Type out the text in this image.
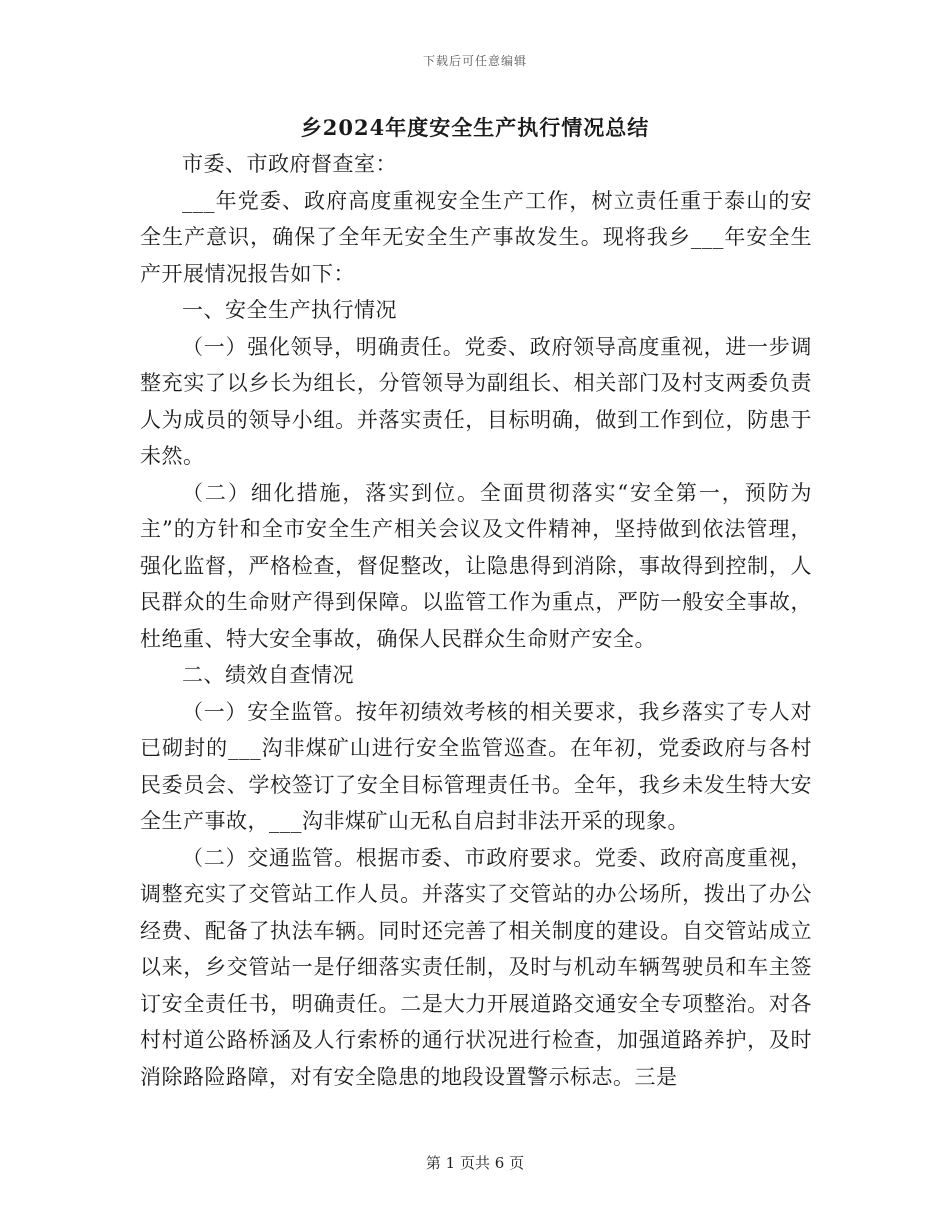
下载后可任意编辑
乡2024年度安全生产执行情况总结

市委、市政府督查室：

___年党委、政府高度重视安全生产工作，树立责任重于泰山的安全生产意识，确保了全年无安全生产事故发生。现将我乡___年安全生产开展情况报告如下：

一、安全生产执行情况

（一）强化领导，明确责任。党委、政府领导高度重视，进一步调整充实了以乡长为组长，分管领导为副组长、相关部门及村支两委负责人为成员的领导小组。并落实责任，目标明确，做到工作到位，防患于未然。

（二）细化措施，落实到位。全面贯彻落实“安全第一，预防为主”的方针和全市安全生产相关会议及文件精神，坚持做到依法管理，强化监督，严格检查，督促整改，让隐患得到消除，事故得到控制，人民群众的生命财产得到保障。以监管工作为重点，严防一般安全事故，杜绝重、特大安全事故，确保人民群众生命财产安全。

二、绩效自查情况

（一）安全监管。按年初绩效考核的相关要求，我乡落实了专人对已砌封的___沟非煤矿山进行安全监管巡查。在年初，党委政府与各村民委员会、学校签订了安全目标管理责任书。全年，我乡未发生特大安全生产事故，___沟非煤矿山无私自启封非法开采的现象。

（二）交通监管。根据市委、市政府要求。党委、政府高度重视，调整充实了交管站工作人员。并落实了交管站的办公场所，拨出了办公经费、配备了执法车辆。同时还完善了相关制度的建设。自交管站成立以来，乡交管站一是仔细落实责任制，及时与机动车辆驾驶员和车主签订安全责任书，明确责任。二是大力开展道路交通安全专项整治。对各村村道公路桥涵及人行索桥的通行状况进行检查，加强道路养护，及时消除路险路障，对有安全隐患的地段设置警示标志。三是

第 1 页共 6 页
